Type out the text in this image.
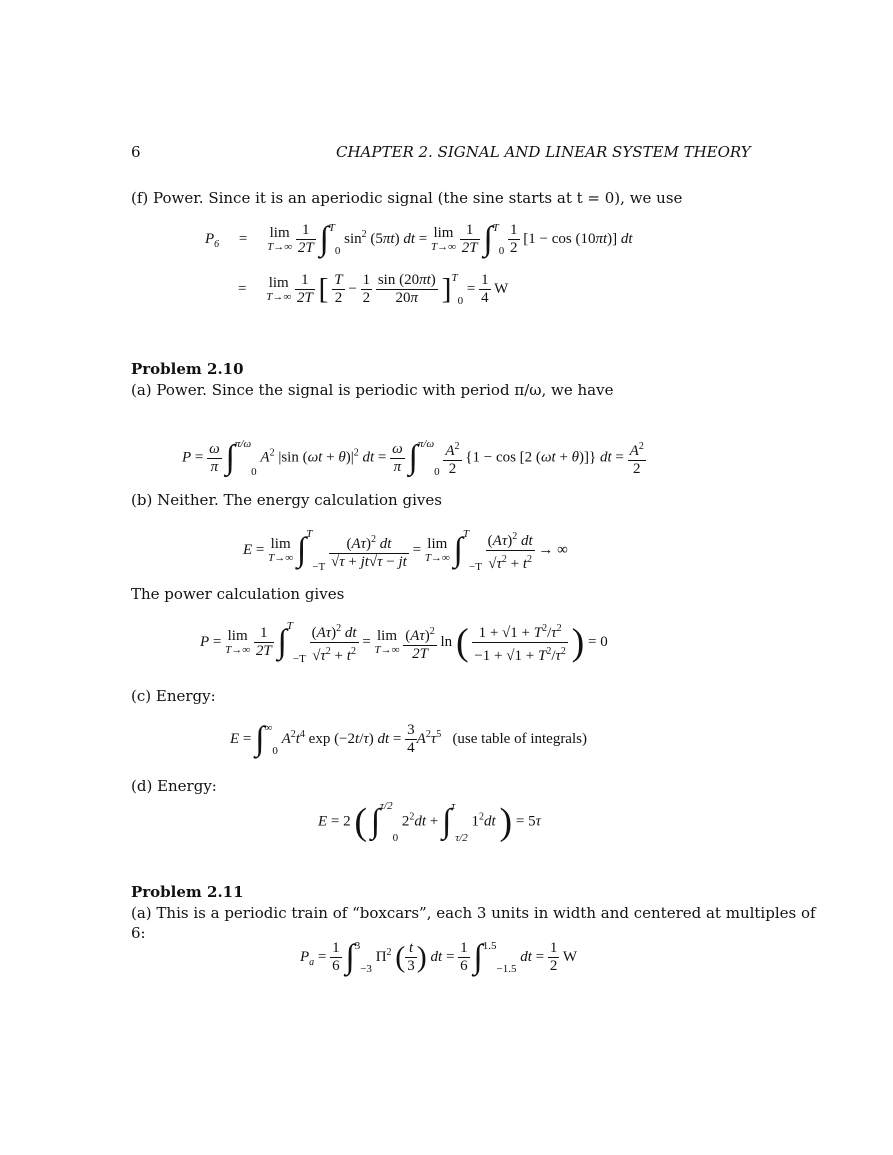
6	CHAPTER 2. SIGNAL AND LINEAR SYSTEM THEORY
(f) Power. Since it is an aperiodic signal (the sine starts at t = 0), we use
$P_6 = \lim$
T→∞
$\frac{1}{2T} \int^T0$ $\sin^2 (5\pi t)$ dt = lim
T→∞
$\frac{1}{2T} \int^T0 \frac{1}{2} [1 - \cos (10\pi t)]$ dt
= lim
T→∞
$\frac{1}{2T}$ [ $\frac{T}{2} - \frac{1}{2}$
$\frac{\sin (20\pi t)}{20\pi} ]^T0 = \frac{1}{4}$ W
Problem 2.10
(a) Power. Since the signal is periodic with period π/ω, we have
$P = \frac{\omega}{\pi} \int^{\pi/\omega}0$ $A^2$ |sin $(\omega t + \theta)|^2$ dt = $\frac{\omega}{\pi} \int^{\pi/\omega}0 \frac{A^2}{2} \{1 - \cos [2$ (ωt + θ)]} dt = $\frac{A^2}{2}$
(b) Neither. The energy calculation gives
E = lim
T→∞ $\int^T-T \frac{(A\tau)^2 dt}{√\tau + jt√\tau - jt} = \lim$
T→∞ $\int^T-T \frac{(A\tau)^2 dt}{√\tau^2 + t^2}$ → ∞
The power calculation gives
P = lim
T→∞
$\frac{1}{2T} \int^T-T \frac{(A\tau)^2 dt}{√\tau^2 + t^2} = \lim$
T→∞
$\frac{(A\tau)^2}{2T}$ ln ( $\frac{1 + √1 + T^2/\tau^2}{-1 + √1 + T^2/\tau^2}$ ) = 0
(c) Energy:
E = ∫∞0 $A^2t^4$ exp (−2t/τ) dt = $\frac{3}{4} A^2\tau^5$   (use table of integrals)
(d) Energy:
E = 2 ( ∫$^{\tau/2}$0 $2^2dt + \int^\tau\tau/2$ $1^2dt$ ) = 5τ
Problem 2.11
(a) This is a periodic train of “boxcars”, each 3 units in width and centered at multiples of
6:
$P_a = \frac{1}{6} \int^3-3$ $\Pi^2$ ( $\frac{t}{3}$ ) dt = $\frac{1}{6} \int^{1.5}-1.5$ dt = $\frac{1}{2}$ W
